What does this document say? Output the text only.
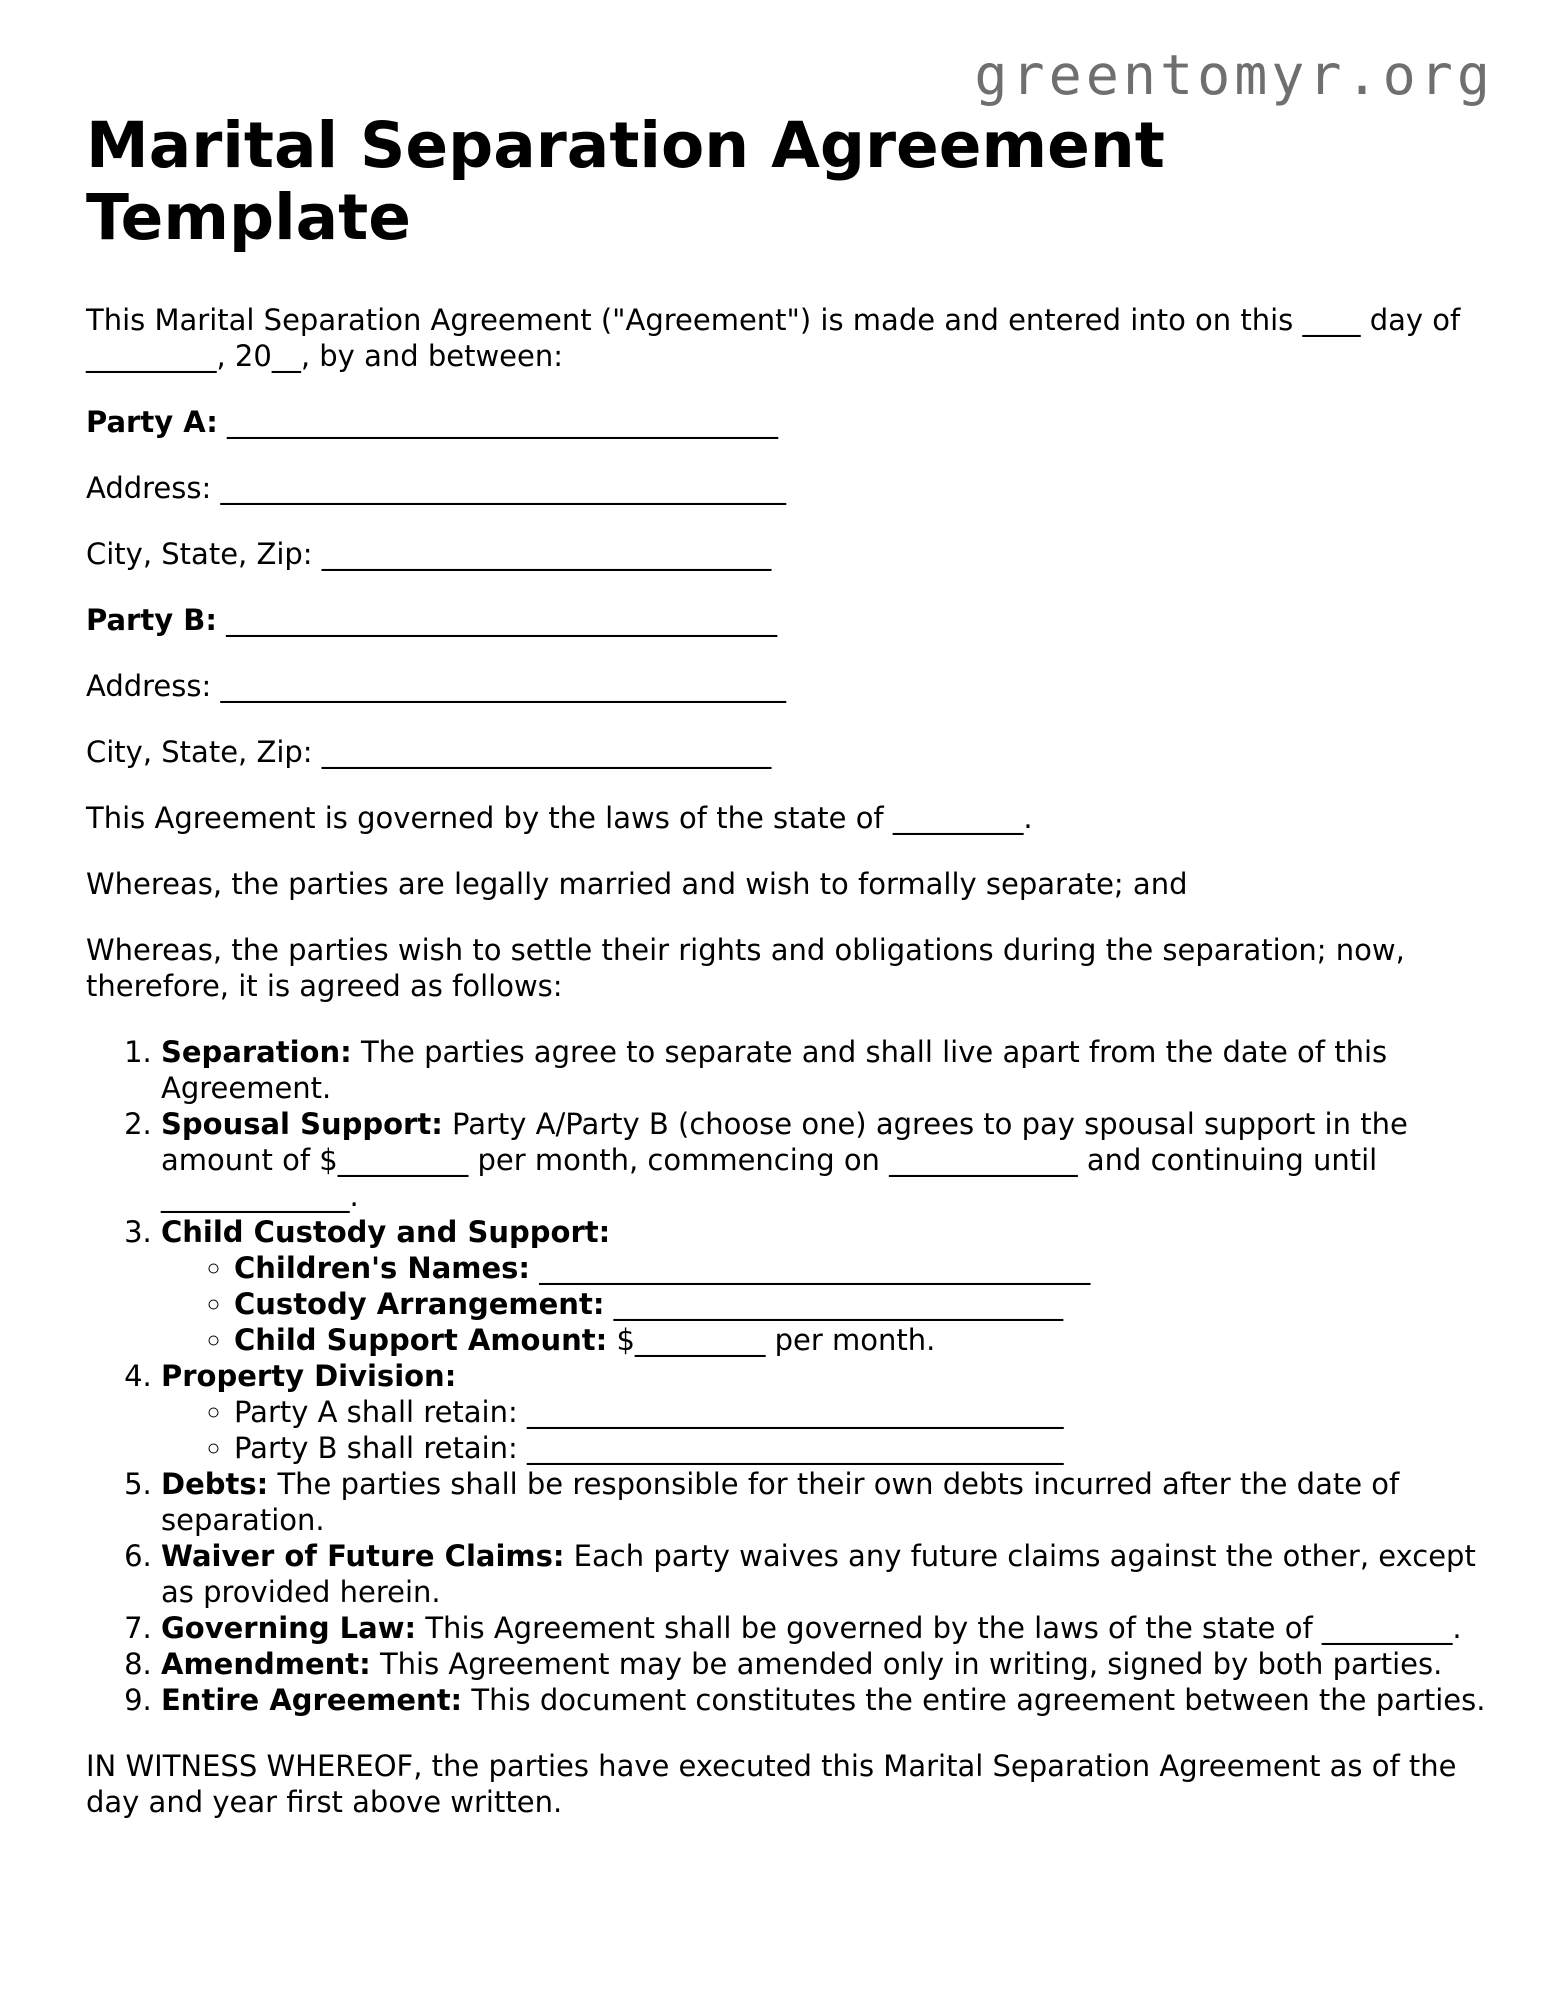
greentomyr.org
Marital Separation Agreement Template

This Marital Separation Agreement ("Agreement") is made and entered into on this ____ day of _________, 20__, by and between:

Party A: ______________________________________
Address: _______________________________________
City, State, Zip: _______________________________
Party B: ______________________________________
Address: _______________________________________
City, State, Zip: _______________________________

This Agreement is governed by the laws of the state of _________.

Whereas, the parties are legally married and wish to formally separate; and

Whereas, the parties wish to settle their rights and obligations during the separation; now, therefore, it is agreed as follows:

1. Separation: The parties agree to separate and shall live apart from the date of this Agreement.
2. Spousal Support: Party A/Party B (choose one) agrees to pay spousal support in the amount of $_________ per month, commencing on _____________ and continuing until _____________.
3. Child Custody and Support:
◦ Children's Names: ______________________________________
◦ Custody Arrangement: _______________________________
◦ Child Support Amount: $_________ per month.
4. Property Division:
◦ Party A shall retain: _____________________________________
◦ Party B shall retain: _____________________________________
5. Debts: The parties shall be responsible for their own debts incurred after the date of separation.
6. Waiver of Future Claims: Each party waives any future claims against the other, except as provided herein.
7. Governing Law: This Agreement shall be governed by the laws of the state of _________.
8. Amendment: This Agreement may be amended only in writing, signed by both parties.
9. Entire Agreement: This document constitutes the entire agreement between the parties.

IN WITNESS WHEREOF, the parties have executed this Marital Separation Agreement as of the day and year first above written.
